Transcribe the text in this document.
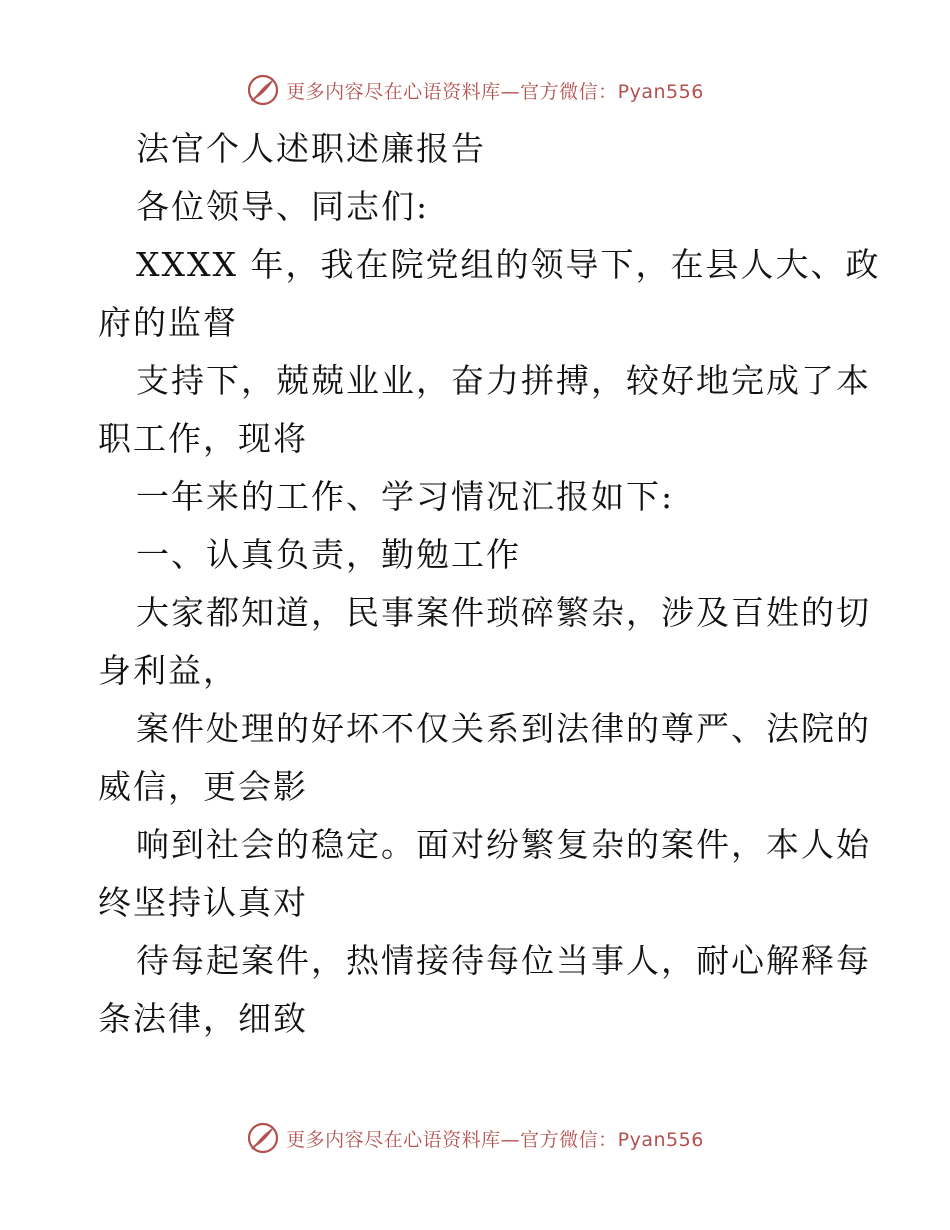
更多内容尽在心语资料库—官方微信：Pyan556
法官个人述职述廉报告
各位领导、同志们:
XXXX 年，我在院党组的领导下，在县人大、政
府的监督
支持下，兢兢业业，奋力拼搏，较好地完成了本
职工作，现将
一年来的工作、学习情况汇报如下:
一、认真负责，勤勉工作
大家都知道，民事案件琐碎繁杂，涉及百姓的切
身利益，
案件处理的好坏不仅关系到法律的尊严、法院的
威信，更会影
响到社会的稳定。面对纷繁复杂的案件，本人始
终坚持认真对
待每起案件，热情接待每位当事人，耐心解释每
条法律，细致
更多内容尽在心语资料库—官方微信：Pyan556
